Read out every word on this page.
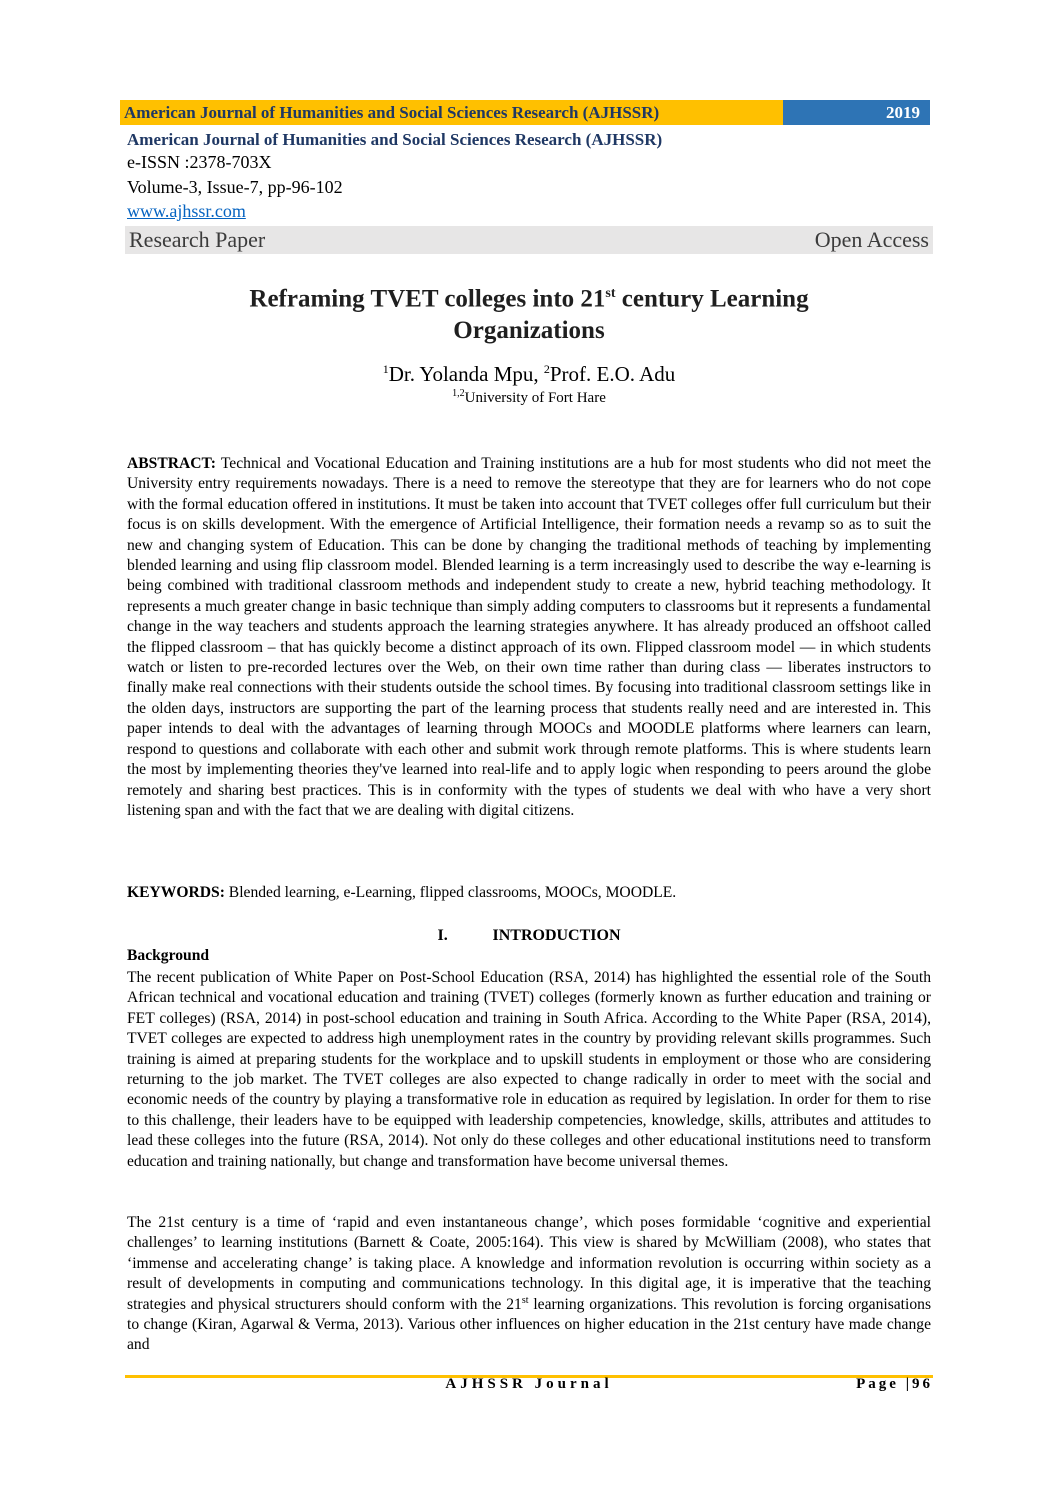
American Journal of Humanities and Social Sciences Research (AJHSSR)	2019
American Journal of Humanities and Social Sciences Research (AJHSSR)
e-ISSN :2378-703X
Volume-3, Issue-7, pp-96-102
www.ajhssr.com
Research Paper	Open Access
Reframing TVET colleges into 21st century Learning
Organizations
$^1$Dr. Yolanda Mpu, $^2$Prof. E.O. Adu
$^{1,2}$University of Fort Hare
ABSTRACT: Technical and Vocational Education and Training institutions are a hub for most students who did not meet the University entry requirements nowadays. There is a need to remove the stereotype that they are for learners who do not cope with the formal education offered in institutions. It must be taken into account that TVET colleges offer full curriculum but their focus is on skills development. With the emergence of Artificial Intelligence, their formation needs a revamp so as to suit the new and changing system of Education. This can be done by changing the traditional methods of teaching by implementing blended learning and using flip classroom model. Blended learning is a term increasingly used to describe the way e-learning is being combined with traditional classroom methods and independent study to create a new, hybrid teaching methodology. It represents a much greater change in basic technique than simply adding computers to classrooms but it represents a fundamental change in the way teachers and students approach the learning strategies anywhere. It has already produced an offshoot called the flipped classroom – that has quickly become a distinct approach of its own. Flipped classroom model — in which students watch or listen to pre-recorded lectures over the Web, on their own time rather than during class — liberates instructors to finally make real connections with their students outside the school times. By focusing into traditional classroom settings like in the olden days, instructors are supporting the part of the learning process that students really need and are interested in. This paper intends to deal with the advantages of learning through MOOCs and MOODLE platforms where learners can learn, respond to questions and collaborate with each other and submit work through remote platforms. This is where students learn the most by implementing theories they've learned into real-life and to apply logic when responding to peers around the globe remotely and sharing best practices. This is in conformity with the types of students we deal with who have a very short listening span and with the fact that we are dealing with digital citizens.
KEYWORDS: Blended learning, e-Learning, flipped classrooms, MOOCs, MOODLE.
I.	INTRODUCTION
Background
The recent publication of White Paper on Post-School Education (RSA, 2014) has highlighted the essential role of the South African technical and vocational education and training (TVET) colleges (formerly known as further education and training or FET colleges) (RSA, 2014) in post-school education and training in South Africa. According to the White Paper (RSA, 2014), TVET colleges are expected to address high unemployment rates in the country by providing relevant skills programmes. Such training is aimed at preparing students for the workplace and to upskill students in employment or those who are considering returning to the job market. The TVET colleges are also expected to change radically in order to meet with the social and economic needs of the country by playing a transformative role in education as required by legislation. In order for them to rise to this challenge, their leaders have to be equipped with leadership competencies, knowledge, skills, attributes and attitudes to lead these colleges into the future (RSA, 2014). Not only do these colleges and other educational institutions need to transform education and training nationally, but change and transformation have become universal themes.
The 21st century is a time of ‘rapid and even instantaneous change’, which poses formidable ‘cognitive and experiential challenges’ to learning institutions (Barnett & Coate, 2005:164). This view is shared by McWilliam (2008), who states that ‘immense and accelerating change’ is taking place. A knowledge and information revolution is occurring within society as a result of developments in computing and communications technology. In this digital age, it is imperative that the teaching strategies and physical structurers should conform with the 21st learning organizations. This revolution is forcing organisations to change (Kiran, Agarwal & Verma, 2013). Various other influences on higher education in the 21st century have made change and
AJHSSR Journal	Page |96
